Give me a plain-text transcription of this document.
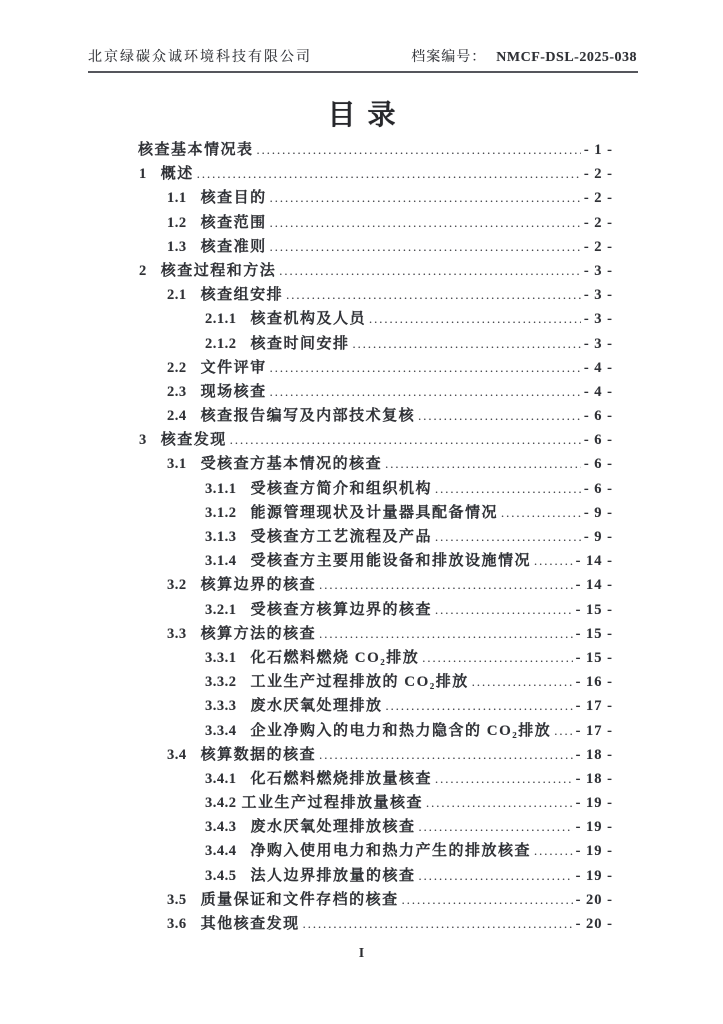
北京绿碳众诚环境科技有限公司	档案编号： NMCF-DSL-2025-038
目录
核查基本情况表 .....	- 1 -
1 概述 .....	- 2 -
1.1 核查目的 .....	- 2 -
1.2 核查范围 .....	- 2 -
1.3 核查准则 .....	- 2 -
2 核查过程和方法 .....	- 3 -
2.1 核查组安排 .....	- 3 -
2.1.1 核查机构及人员 .....	- 3 -
2.1.2 核查时间安排 .....	- 3 -
2.2 文件评审 .....	- 4 -
2.3 现场核查 .....	- 4 -
2.4 核查报告编写及内部技术复核 .....	- 6 -
3 核查发现 .....	- 6 -
3.1 受核查方基本情况的核查 .....	- 6 -
3.1.1 受核查方简介和组织机构 .....	- 6 -
3.1.2 能源管理现状及计量器具配备情况 .....	- 9 -
3.1.3 受核查方工艺流程及产品 .....	- 9 -
3.1.4 受核查方主要用能设备和排放设施情况 .....	- 14 -
3.2 核算边界的核查 .....	- 14 -
3.2.1 受核查方核算边界的核查 .....	- 15 -
3.3 核算方法的核查 .....	- 15 -
3.3.1 化石燃料燃烧 CO₂排放 .....	- 15 -
3.3.2 工业生产过程排放的 CO₂排放 .....	- 16 -
3.3.3 废水厌氧处理排放 .....	- 17 -
3.3.4 企业净购入的电力和热力隐含的 CO₂排放 ..... - 17 -
3.4 核算数据的核查 .....	- 18 -
3.4.1 化石燃料燃烧排放量核查 .....	- 18 -
3.4.2 工业生产过程排放量核查 .....	- 19 -
3.4.3 废水厌氧处理排放核查 .....	- 19 -
3.4.4 净购入使用电力和热力产生的排放核查 .....	- 19 -
3.4.5 法人边界排放量的核查 .....	- 19 -
3.5 质量保证和文件存档的核查 .....	- 20 -
3.6 其他核查发现 .....	- 20 -
I
